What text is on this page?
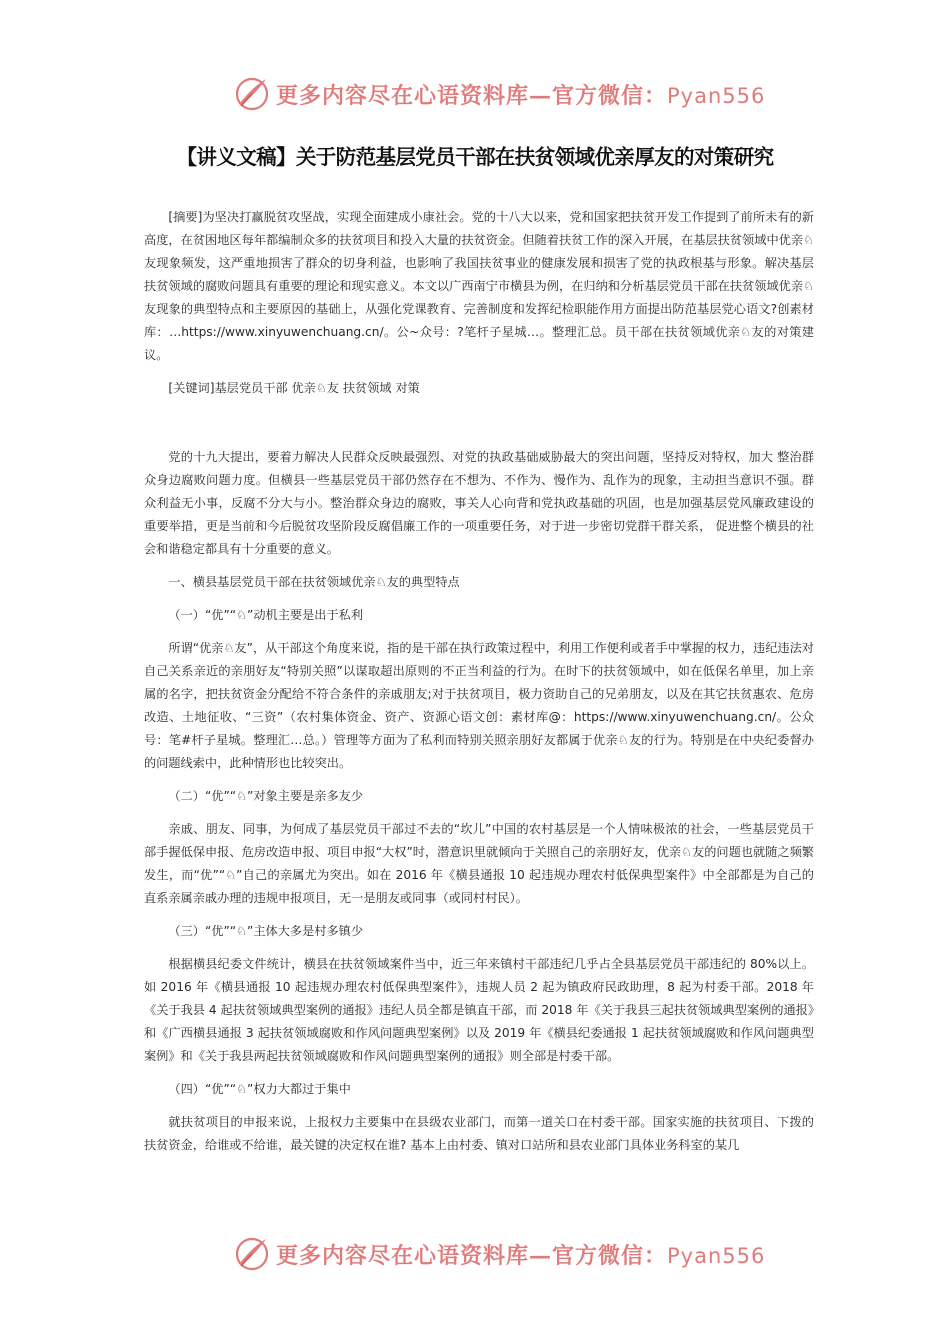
更多内容尽在心语资料库—官方微信：Pyan556
【讲义文稿】关于防范基层党员干部在扶贫领域优亲厚友的对策研究

[摘要]为坚决打赢脱贫攻坚战，实现全面建成小康社会。党的十八大以来，党和国家把扶贫开发工作提到了前所未有的新高度，在贫困地区每年都编制众多的扶贫项目和投入大量的扶贫资金。但随着扶贫工作的深入开展，在基层扶贫领域中优亲♘友现象频发，这严重地损害了群众的切身利益，也影响了我国扶贫事业的健康发展和损害了党的执政根基与形象。解决基层扶贫领域的腐败问题具有重要的理论和现实意义。本文以广西南宁市横县为例，在归纳和分析基层党员干部在扶贫领域优亲♘友现象的典型特点和主要原因的基础上，从强化党课教育、完善制度和发挥纪检职能作用方面提出防范基层党心语文?创素材库：…https://www.xinyuwenchuang.cn/。公~众号：?笔杆子星城…。整理汇总。员干部在扶贫领域优亲♘友的对策建议。

[关键词]基层党员干部 优亲♘友 扶贫领域 对策

党的十九大提出，要着力解决人民群众反映最强烈、对党的执政基础威胁最大的突出问题，坚持反对特权，加大 整治群众身边腐败问题力度。但横县一些基层党员干部仍然存在不想为、不作为、慢作为、乱作为的现象，主动担当意识不强。群众利益无小事，反腐不分大与小。整治群众身边的腐败，事关人心向背和党执政基础的巩固，也是加强基层党风廉政建设的重要举措，更是当前和今后脱贫攻坚阶段反腐倡廉工作的一项重要任务，对于进一步密切党群干群关系， 促进整个横县的社会和谐稳定都具有十分重要的意义。

一、横县基层党员干部在扶贫领域优亲♘友的典型特点

（一）“优”“♘”动机主要是出于私利

所谓“优亲♘友”，从干部这个角度来说，指的是干部在执行政策过程中，利用工作便利或者手中掌握的权力，违纪违法对自己关系亲近的亲朋好友“特别关照”以谋取超出原则的不正当利益的行为。在时下的扶贫领域中，如在低保名单里，加上亲属的名字，把扶贫资金分配给不符合条件的亲戚朋友;对于扶贫项目，极力资助自己的兄弟朋友，以及在其它扶贫惠农、危房改造、土地征收、“三资”（农村集体资金、资产、资源心语文创：素材库@：https://www.xinyuwenchuang.cn/。公众号：笔#杆子星城。整理汇…总。）管理等方面为了私利而特别关照亲朋好友都属于优亲♘友的行为。特别是在中央纪委督办的问题线索中，此种情形也比较突出。

（二）“优”“♘”对象主要是亲多友少

亲戚、朋友、同事，为何成了基层党员干部过不去的“坎儿”中国的农村基层是一个人情味极浓的社会，一些基层党员干部手握低保申报、危房改造申报、项目申报“大权”时，潜意识里就倾向于关照自己的亲朋好友，优亲♘友的问题也就随之频繁发生，而“优”“♘”自己的亲属尤为突出。如在 2016 年《横县通报 10 起违规办理农村低保典型案件》中全部都是为自己的直系亲属亲戚办理的违规申报项目，无一是朋友或同事（或同村村民）。

（三）“优”“♘”主体大多是村多镇少

根据横县纪委文件统计，横县在扶贫领域案件当中，近三年来镇村干部违纪几乎占全县基层党员干部违纪的 80%以上。如 2016 年《横县通报 10 起违规办理农村低保典型案件》，违规人员 2 起为镇政府民政助理，8 起为村委干部。2018 年《关于我县 4 起扶贫领域典型案例的通报》违纪人员全都是镇直干部，而 2018 年《关于我县三起扶贫领域典型案例的通报》和《广西横县通报 3 起扶贫领域腐败和作风问题典型案例》以及 2019 年《横县纪委通报 1 起扶贫领域腐败和作风问题典型案例》和《关于我县两起扶贫领域腐败和作风问题典型案例的通报》则全部是村委干部。

（四）“优”“♘”权力大都过于集中

就扶贫项目的申报来说，上报权力主要集中在县级农业部门，而第一道关口在村委干部。国家实施的扶贫项目、下拨的扶贫资金，给谁或不给谁，最关键的决定权在谁? 基本上由村委、镇对口站所和县农业部门具体业务科室的某几

更多内容尽在心语资料库—官方微信：Pyan556
